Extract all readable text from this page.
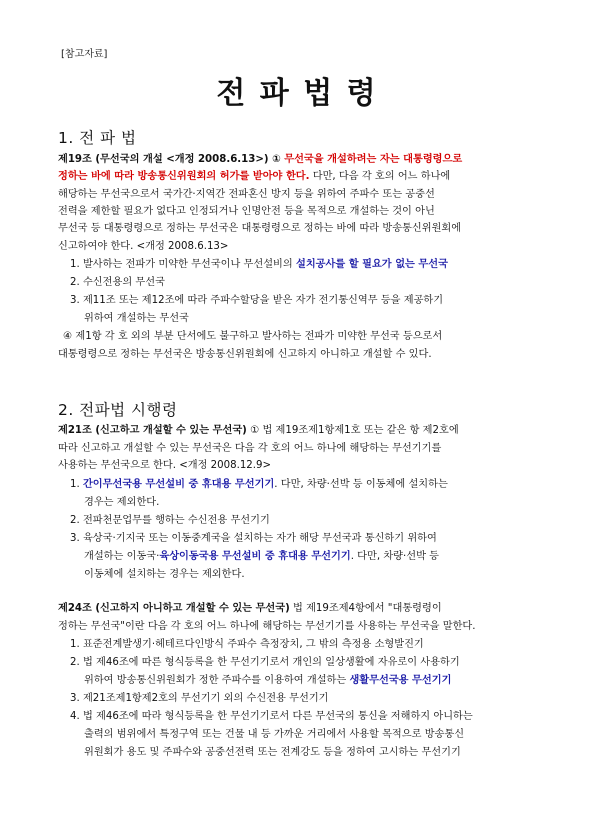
[참고자료]
전 파 법 령
1. 전 파 법
제19조 (무선국의 개설 <개정 2008.6.13>) ① 무선국을 개설하려는 자는 대통령령으로
정하는 바에 따라 방송통신위원회의 허가를 받아야 한다. 다만, 다음 각 호의 어느 하나에
해당하는 무선국으로서 국가간·지역간 전파혼신 방지 등을 위하여 주파수 또는 공중선
전력을 제한할 필요가 없다고 인정되거나 인명안전 등을 목적으로 개설하는 것이 아닌
무선국 등 대통령령으로 정하는 무선국은 대통령령으로 정하는 바에 따라 방송통신위원회에
신고하여야 한다. <개정 2008.6.13>
1. 발사하는 전파가 미약한 무선국이나 무선설비의 설치공사를 할 필요가 없는 무선국
2. 수신전용의 무선국
3. 제11조 또는 제12조에 따라 주파수할당을 받은 자가 전기통신역무 등을 제공하기
위하여 개설하는 무선국
④ 제1항 각 호 외의 부분 단서에도 불구하고 발사하는 전파가 미약한 무선국 등으로서
대통령령으로 정하는 무선국은 방송통신위원회에 신고하지 아니하고 개설할 수 있다.
2. 전파법 시행령
제21조 (신고하고 개설할 수 있는 무선국) ① 법 제19조제1항제1호 또는 같은 항 제2호에
따라 신고하고 개설할 수 있는 무선국은 다음 각 호의 어느 하나에 해당하는 무선기기를
사용하는 무선국으로 한다. <개정 2008.12.9>
1. 간이무선국용 무선설비 중 휴대용 무선기기. 다만, 차량·선박 등 이동체에 설치하는
경우는 제외한다.
2. 전파천문업무를 행하는 수신전용 무선기기
3. 육상국·기지국 또는 이동중계국을 설치하는 자가 해당 무선국과 통신하기 위하여
개설하는 이동국·육상이동국용 무선설비 중 휴대용 무선기기. 다만, 차량·선박 등
이동체에 설치하는 경우는 제외한다.
제24조 (신고하지 아니하고 개설할 수 있는 무선국) 법 제19조제4항에서 "대통령령이
정하는 무선국"이란 다음 각 호의 어느 하나에 해당하는 무선기기를 사용하는 무선국을 말한다.
1. 표준전계발생기·헤테르다인방식 주파수 측정장치, 그 밖의 측정용 소형발진기
2. 법 제46조에 따른 형식등록을 한 무선기기로서 개인의 일상생활에 자유로이 사용하기
위하여 방송통신위원회가 정한 주파수를 이용하여 개설하는 생활무선국용 무선기기
3. 제21조제1항제2호의 무선기기 외의 수신전용 무선기기
4. 법 제46조에 따라 형식등록을 한 무선기기로서 다른 무선국의 통신을 저해하지 아니하는
출력의 범위에서 특정구역 또는 건물 내 등 가까운 거리에서 사용할 목적으로 방송통신
위원회가 용도 및 주파수와 공중선전력 또는 전계강도 등을 정하여 고시하는 무선기기
